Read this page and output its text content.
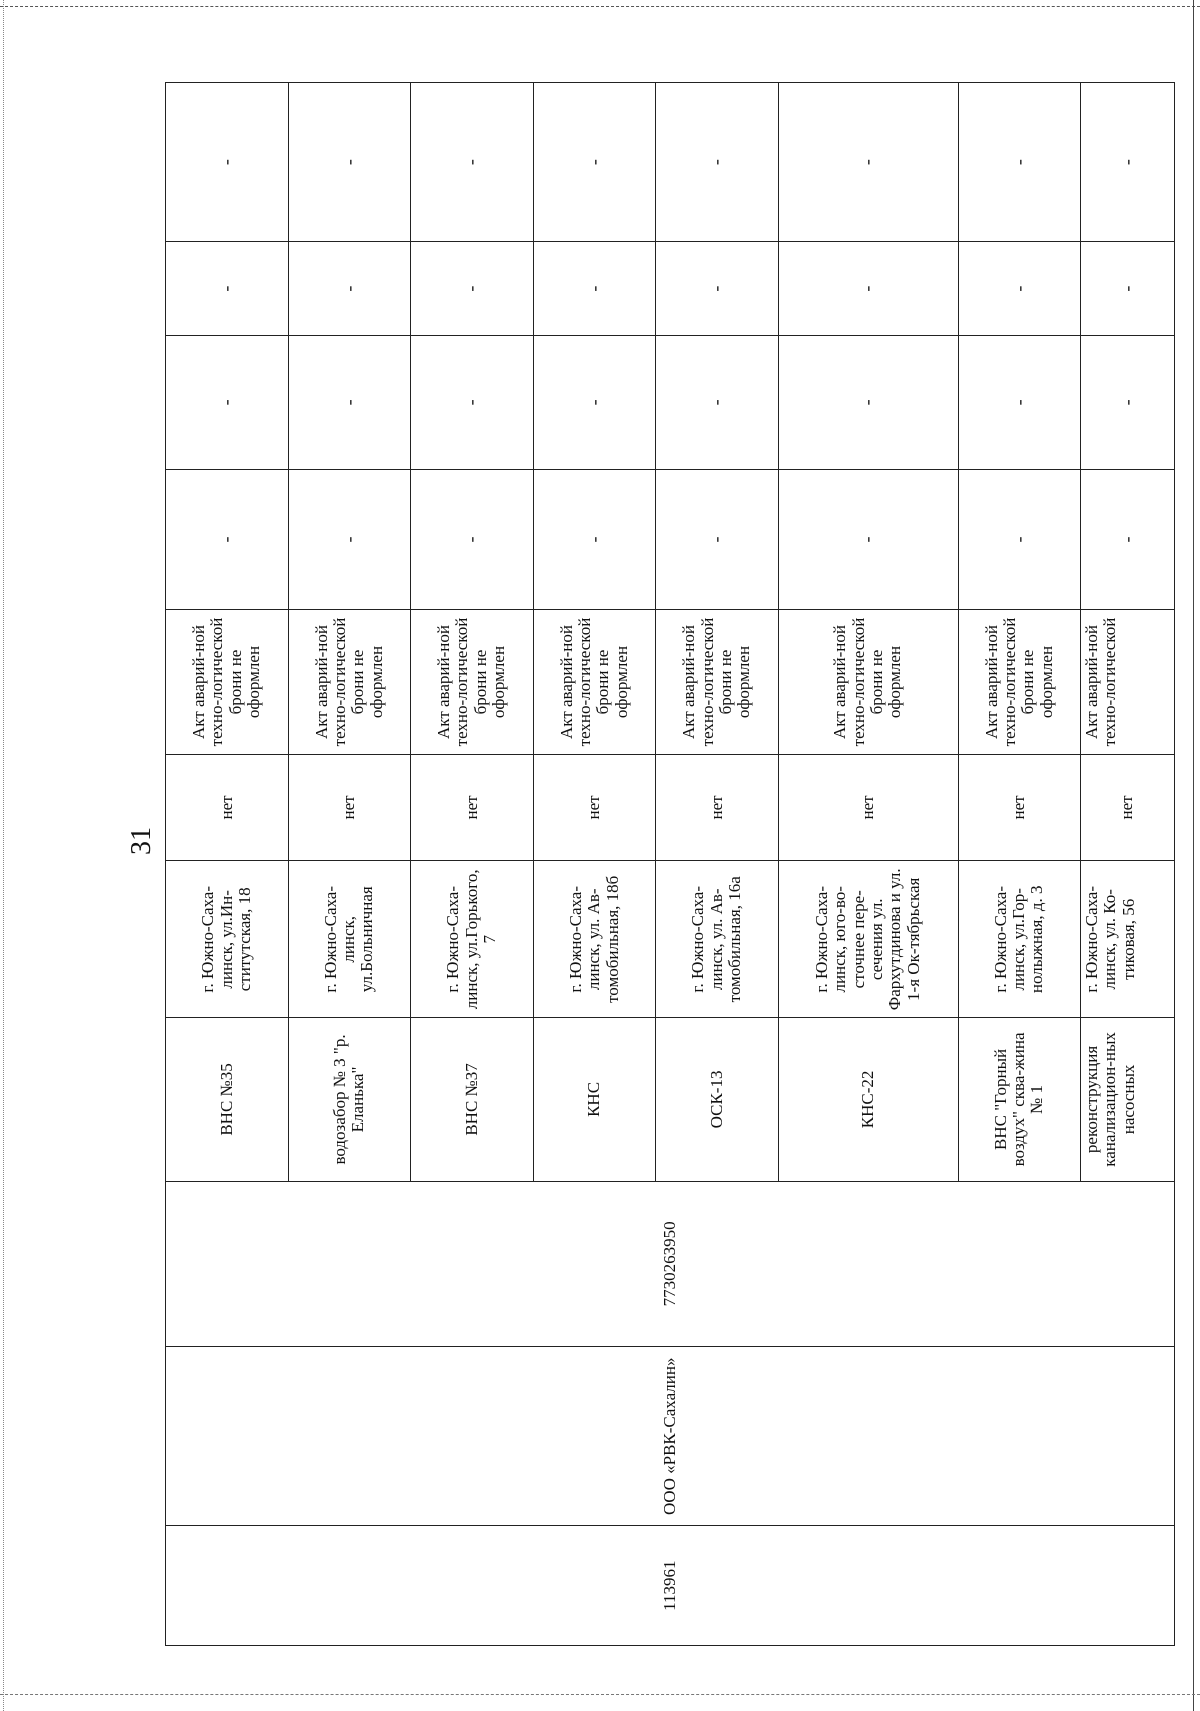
31
113961	ООО «РВК-Сахалин»	7730263950	ВНС №35	г. Южно-Саха-линск, ул.Ин-ститутская, 18	нет	Акт аварий-ной техно-логической брони не оформлен	-	-	-	-
			водозабор № 3 "р. Еланька"	г. Южно-Саха-линск, ул.Больничная	нет	Акт аварий-ной техно-логической брони не оформлен	-	-	-	-
			ВНС №37	г. Южно-Саха-линск, ул.Горького, 7	нет	Акт аварий-ной техно-логической брони не оформлен	-	-	-	-
			КНС	г. Южно-Саха-линск, ул. Ав-томобильная, 18б	нет	Акт аварий-ной техно-логической брони не оформлен	-	-	-	-
			ОСК-13	г. Южно-Саха-линск, ул. Ав-томобильная, 16а	нет	Акт аварий-ной техно-логической брони не оформлен	-	-	-	-
			КНС-22	г. Южно-Саха-линск, юго-во-сточнее пере-сечения ул. Фархутдинова и ул. 1-я Ок-тябрьская	нет	Акт аварий-ной техно-логической брони не оформлен	-	-	-	-
			ВНС "Горный воздух" сква-жина № 1	г. Южно-Саха-линск, ул.Гор-нолыжная, д. 3	нет	Акт аварий-ной техно-логической брони не оформлен	-	-	-	-
			реконструкция канализацион-ных насосных	г. Южно-Саха-линск, ул. Ко-тиковая, 56	нет	Акт аварий-ной техно-логической	-	-	-	-
